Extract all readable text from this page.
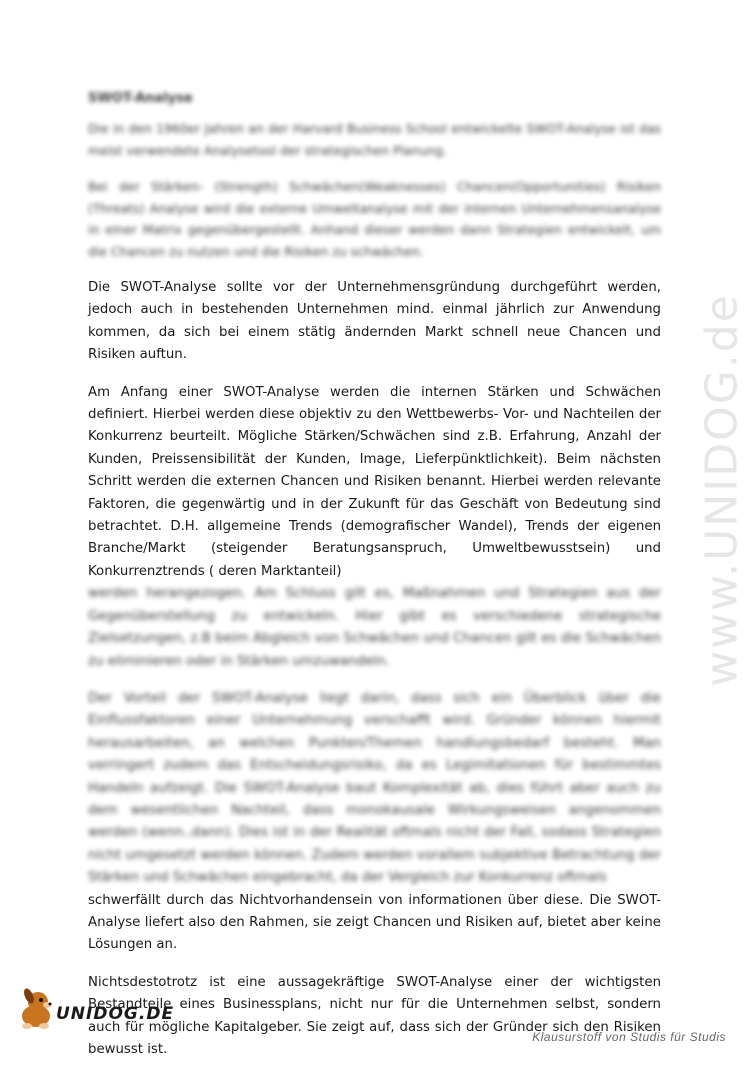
SWOT-Analyse

Die in den 1960er Jahren an der Harvard Business School entwickelte SWOT-Analyse ist das meist verwendete Analysetool der strategischen Planung.

Bei der Stärken- (Strength) Schwächen(Weaknesses) Chancen(Opportunities) Risiken (Threats) Analyse wird die externe Umweltanalyse mit der internen Unternehmensanalyse in einer Matrix gegenübergestellt. Anhand dieser werden dann Strategien entwickelt, um die Chancen zu nutzen und die Risiken zu schwächen.

Die SWOT-Analyse sollte vor der Unternehmensgründung durchgeführt werden, jedoch auch in bestehenden Unternehmen mind. einmal jährlich zur Anwendung kommen, da sich bei einem stätig ändernden Markt schnell neue Chancen und Risiken auftun.

Am Anfang einer SWOT-Analyse werden die internen Stärken und Schwächen definiert. Hierbei werden diese objektiv zu den Wettbewerbs- Vor- und Nachteilen der Konkurrenz beurteilt. Mögliche Stärken/Schwächen sind z.B. Erfahrung, Anzahl der Kunden, Preissensibilität der Kunden, Image, Lieferpünktlichkeit). Beim nächsten Schritt werden die externen Chancen und Risiken benannt. Hierbei werden relevante Faktoren, die gegenwärtig und in der Zukunft für das Geschäft von Bedeutung sind betrachtet. D.H. allgemeine Trends (demografischer Wandel), Trends der eigenen Branche/Markt (steigender Beratungsanspruch, Umweltbewusstsein) und Konkurrenztrends ( deren Marktanteil)
werden herangezogen. Am Schluss gilt es, Maßnahmen und Strategien aus der Gegenüberstellung zu entwickeln. Hier gibt es verschiedene strategische Zielsetzungen, z.B beim Abgleich von Schwächen und Chancen gilt es die Schwächen zu eliminieren oder in Stärken umzuwandeln.

Der Vorteil der SWOT-Analyse liegt darin, dass sich ein Überblick über die Einflussfaktoren einer Unternehmung verschafft wird. Gründer können hiermit herausarbeiten, an welchen Punkten/Themen handlungsbedarf besteht. Man verringert zudem das Entscheidungsrisiko, da es Legimitationen für bestimmtes Handeln aufzeigt. Die SWOT-Analyse baut Komplexität ab, dies führt aber auch zu dem wesentlichen Nachteil, dass monokausale Wirkungsweisen angenommen werden (wenn..dann). Dies ist in der Realität oftmals nicht der Fall, sodass Strategien nicht umgesetzt werden können. Zudem werden vorallem subjektive Betrachtung der Stärken und Schwächen eingebracht, da der Vergleich zur Konkurrenz oftmals
schwerfällt durch das Nichtvorhandensein von informationen über diese. Die SWOT-Analyse liefert also den Rahmen, sie zeigt Chancen und Risiken auf, bietet aber keine Lösungen an.

Nichtsdestotrotz ist eine aussagekräftige SWOT-Analyse einer der wichtigsten Bestandteile eines Businessplans, nicht nur für die Unternehmen selbst, sondern auch für mögliche Kapitalgeber. Sie zeigt auf, dass sich der Gründer sich den Risiken bewusst ist.

www.UNIDOG.de
UNIDOG.DE
Klausurstoff von Studis für Studis
